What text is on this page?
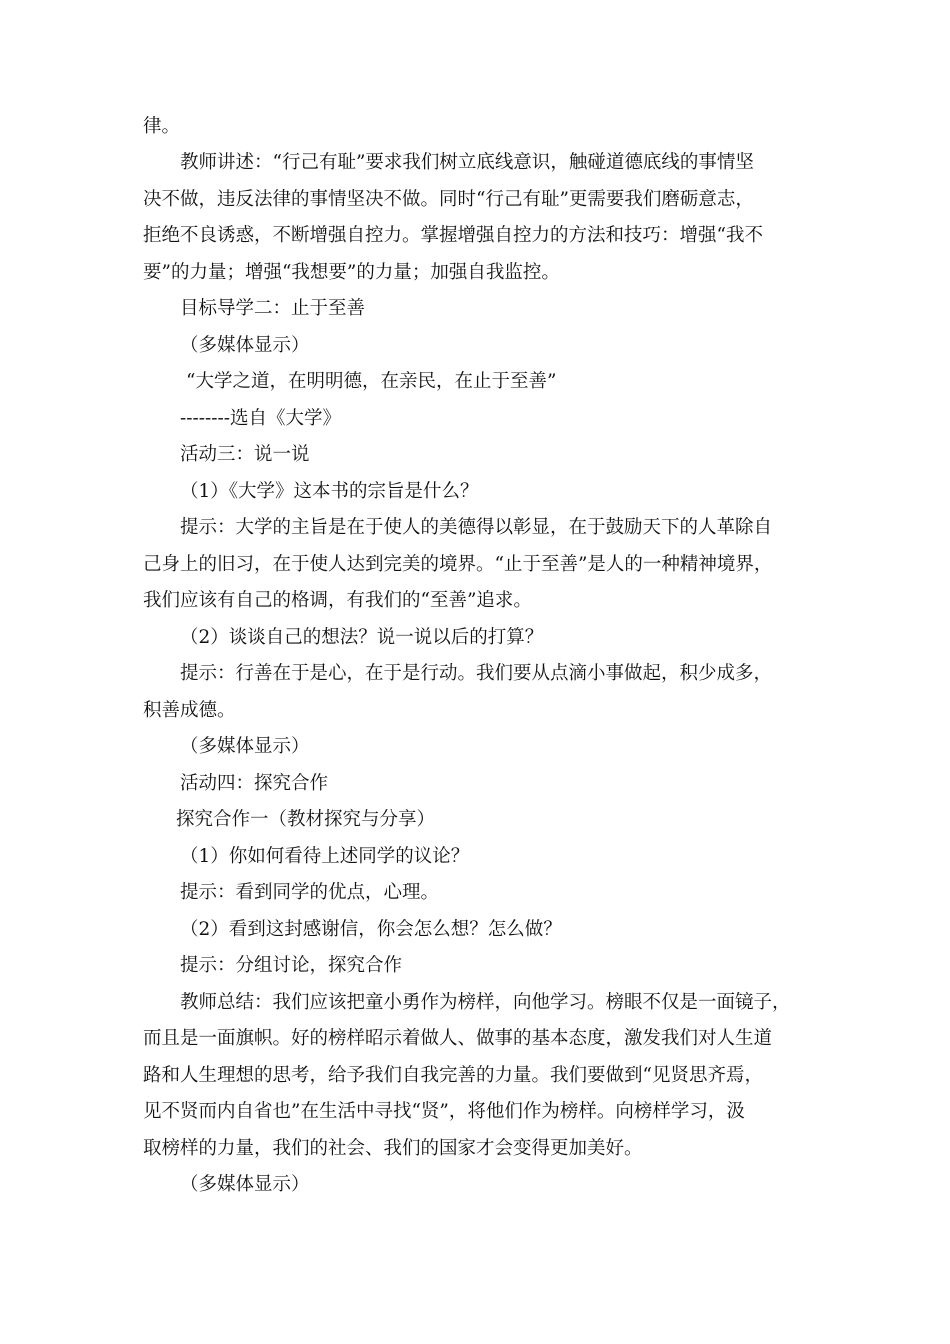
律。
教师讲述：“行己有耻”要求我们树立底线意识，触碰道德底线的事情坚
决不做，违反法律的事情坚决不做。同时“行己有耻”更需要我们磨砺意志，
拒绝不良诱惑，不断增强自控力。掌握增强自控力的方法和技巧：增强“我不
要”的力量；增强“我想要”的力量；加强自我监控。
目标导学二：止于至善
（多媒体显示）
“大学之道，在明明德，在亲民，在止于至善”
--------选自《大学》
活动三：说一说
（1）《大学》这本书的宗旨是什么？
提示：大学的主旨是在于使人的美德得以彰显，在于鼓励天下的人革除自
己身上的旧习，在于使人达到完美的境界。“止于至善”是人的一种精神境界，
我们应该有自己的格调，有我们的“至善”追求。
（2）谈谈自己的想法？说一说以后的打算？
提示：行善在于是心，在于是行动。我们要从点滴小事做起，积少成多，
积善成德。
（多媒体显示）
活动四：探究合作
探究合作一（教材探究与分享）
（1）你如何看待上述同学的议论？
提示：看到同学的优点，心理。
（2）看到这封感谢信，你会怎么想？怎么做？
提示：分组讨论，探究合作
教师总结：我们应该把童小勇作为榜样，向他学习。榜眼不仅是一面镜子，
而且是一面旗帜。好的榜样昭示着做人、做事的基本态度，激发我们对人生道
路和人生理想的思考，给予我们自我完善的力量。我们要做到“见贤思齐焉，
见不贤而内自省也”在生活中寻找“贤”，将他们作为榜样。向榜样学习，汲
取榜样的力量，我们的社会、我们的国家才会变得更加美好。
（多媒体显示）
